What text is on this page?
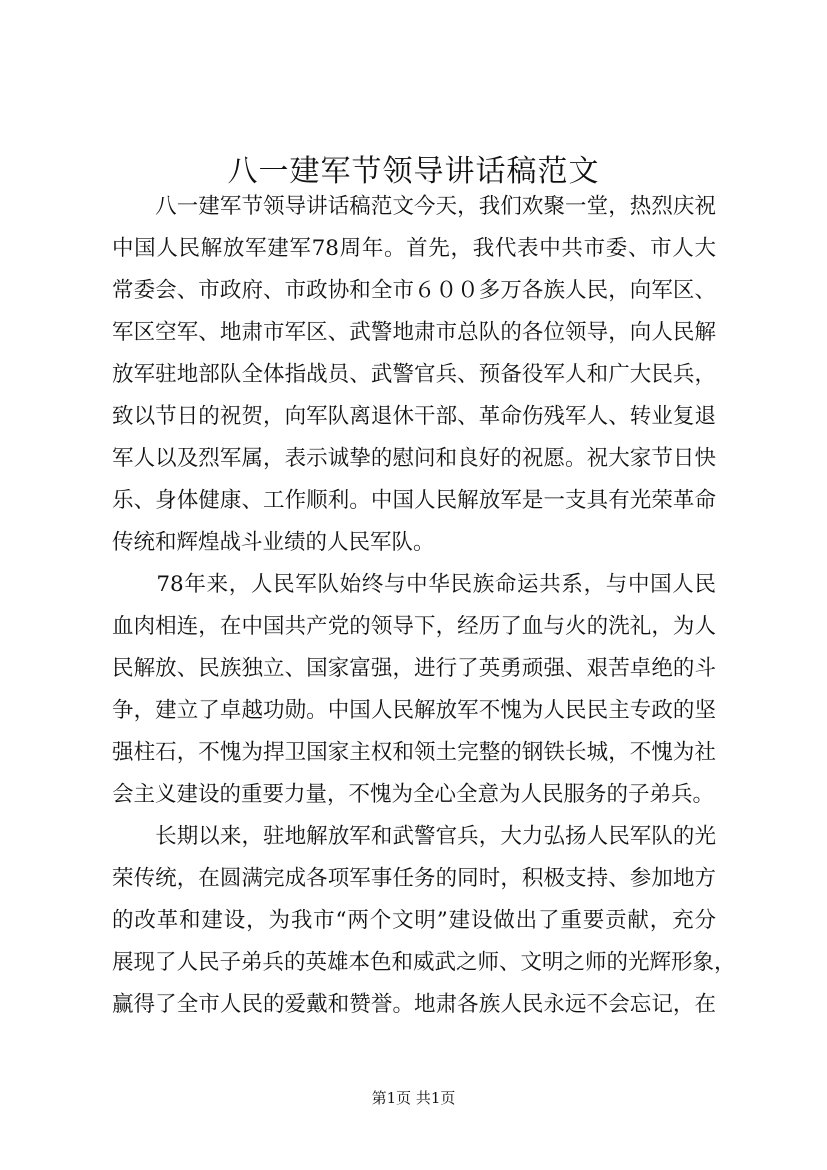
八一建军节领导讲话稿范文
　　八一建军节领导讲话稿范文今天，我们欢聚一堂，热烈庆祝
中国人民解放军建军78周年。首先，我代表中共市委、市人大
常委会、市政府、市政协和全市６００多万各族人民，向军区、
军区空军、地肃市军区、武警地肃市总队的各位领导，向人民解
放军驻地部队全体指战员、武警官兵、预备役军人和广大民兵，
致以节日的祝贺，向军队离退休干部、革命伤残军人、转业复退
军人以及烈军属，表示诚挚的慰问和良好的祝愿。祝大家节日快
乐、身体健康、工作顺利。中国人民解放军是一支具有光荣革命
传统和辉煌战斗业绩的人民军队。
　　78年来，人民军队始终与中华民族命运共系，与中国人民
血肉相连，在中国共产党的领导下，经历了血与火的洗礼，为人
民解放、民族独立、国家富强，进行了英勇顽强、艰苦卓绝的斗
争，建立了卓越功勋。中国人民解放军不愧为人民民主专政的坚
强柱石，不愧为捍卫国家主权和领土完整的钢铁长城，不愧为社
会主义建设的重要力量，不愧为全心全意为人民服务的子弟兵。
　　长期以来，驻地解放军和武警官兵，大力弘扬人民军队的光
荣传统，在圆满完成各项军事任务的同时，积极支持、参加地方
的改革和建设，为我市“两个文明”建设做出了重要贡献，充分
展现了人民子弟兵的英雄本色和威武之师、文明之师的光辉形象，
赢得了全市人民的爱戴和赞誉。地肃各族人民永远不会忘记，在
第1页 共1页
